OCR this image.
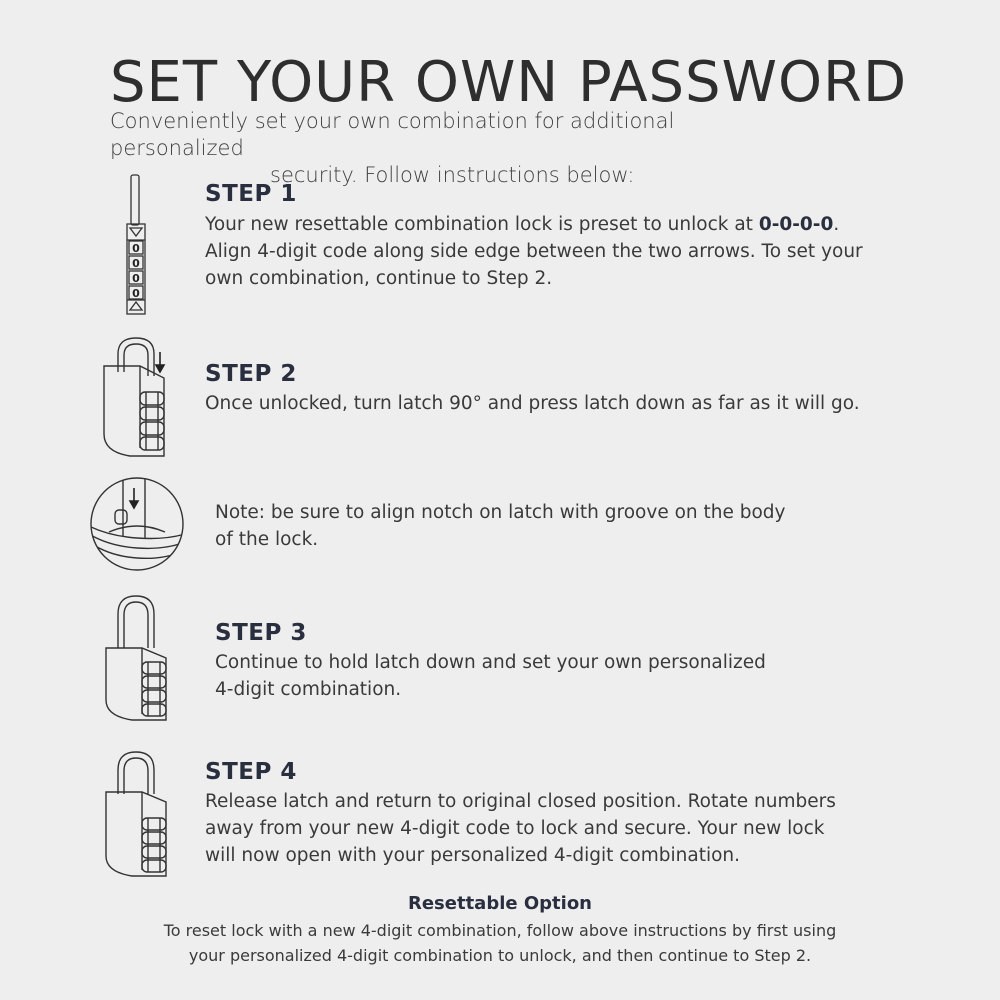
SET YOUR OWN PASSWORD
Conveniently set your own combination for additional personalized
security. Follow instructions below:
0
0
0
0
STEP 1
Your new resettable combination lock is preset to unlock at 0-0-0-0. Align 4-digit code along side edge between the two arrows. To set your own combination, continue to Step 2.
STEP 2
Once unlocked, turn latch 90° and press latch down as far as it will go.
Note: be sure to align notch on latch with groove on the body of the lock.
STEP 3
Continue to hold latch down and set your own personalized 4-digit combination.
STEP 4
Release latch and return to original closed position. Rotate numbers away from your new 4-digit code to lock and secure. Your new lock will now open with your personalized 4-digit combination.
Resettable Option
To reset lock with a new 4-digit combination, follow above instructions by first using your personalized 4-digit combination to unlock, and then continue to Step 2.
